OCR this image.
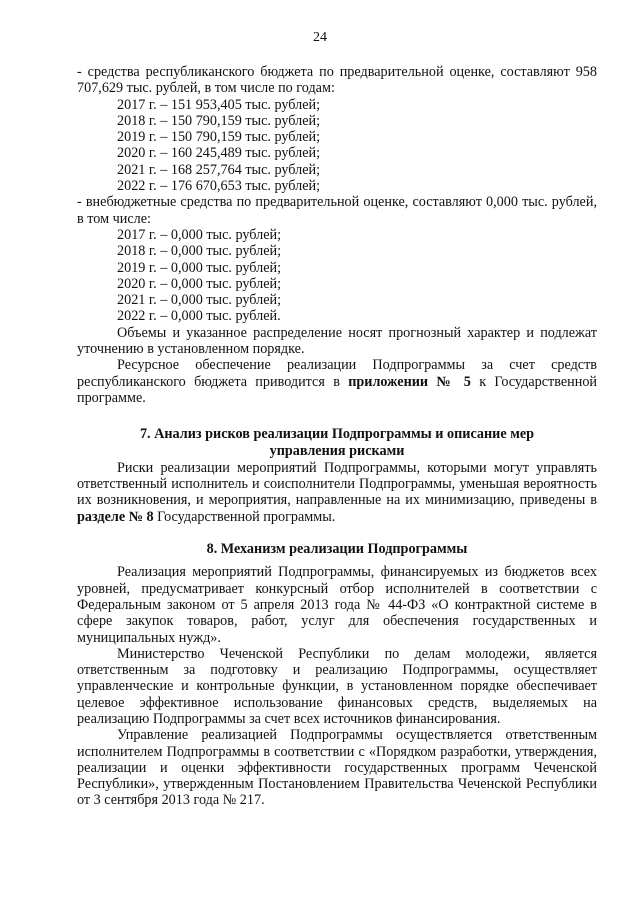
24

- средства республиканского бюджета по предварительной оценке, составляют 958 707,629 тыс. рублей, в том числе по годам:

2017 г. – 151 953,405 тыс. рублей;
2018 г. – 150 790,159 тыс. рублей;
2019 г. – 150 790,159 тыс. рублей;
2020 г. – 160 245,489 тыс. рублей;
2021 г. – 168 257,764 тыс. рублей;
2022 г. – 176 670,653 тыс. рублей;

- внебюджетные средства по предварительной оценке, составляют 0,000 тыс. рублей, в том числе:

2017 г. – 0,000 тыс. рублей;
2018 г. – 0,000 тыс. рублей;
2019 г. – 0,000 тыс. рублей;
2020 г. – 0,000 тыс. рублей;
2021 г. – 0,000 тыс. рублей;
2022 г. – 0,000 тыс. рублей.

Объемы и указанное распределение носят прогнозный характер и подлежат уточнению в установленном порядке.

Ресурсное обеспечение реализации Подпрограммы за счет средств республиканского бюджета приводится в приложении № 5 к Государственной программе.

7. Анализ рисков реализации Подпрограммы и описание мер управления рисками

Риски реализации мероприятий Подпрограммы, которыми могут управлять ответственный исполнитель и соисполнители Подпрограммы, уменьшая вероятность их возникновения, и мероприятия, направленные на их минимизацию, приведены в разделе № 8 Государственной программы.

8. Механизм реализации Подпрограммы

Реализация мероприятий Подпрограммы, финансируемых из бюджетов всех уровней, предусматривает конкурсный отбор исполнителей в соответствии с Федеральным законом от 5 апреля 2013 года № 44-ФЗ «О контрактной системе в сфере закупок товаров, работ, услуг для обеспечения государственных и муниципальных нужд».

Министерство Чеченской Республики по делам молодежи, является ответственным за подготовку и реализацию Подпрограммы, осуществляет управленческие и контрольные функции, в установленном порядке обеспечивает целевое эффективное использование финансовых средств, выделяемых на реализацию Подпрограммы за счет всех источников финансирования.

Управление реализацией Подпрограммы осуществляется ответственным исполнителем Подпрограммы в соответствии с «Порядком разработки, утверждения, реализации и оценки эффективности государственных программ Чеченской Республики», утвержденным Постановлением Правительства Чеченской Республики от 3 сентября 2013 года № 217.
